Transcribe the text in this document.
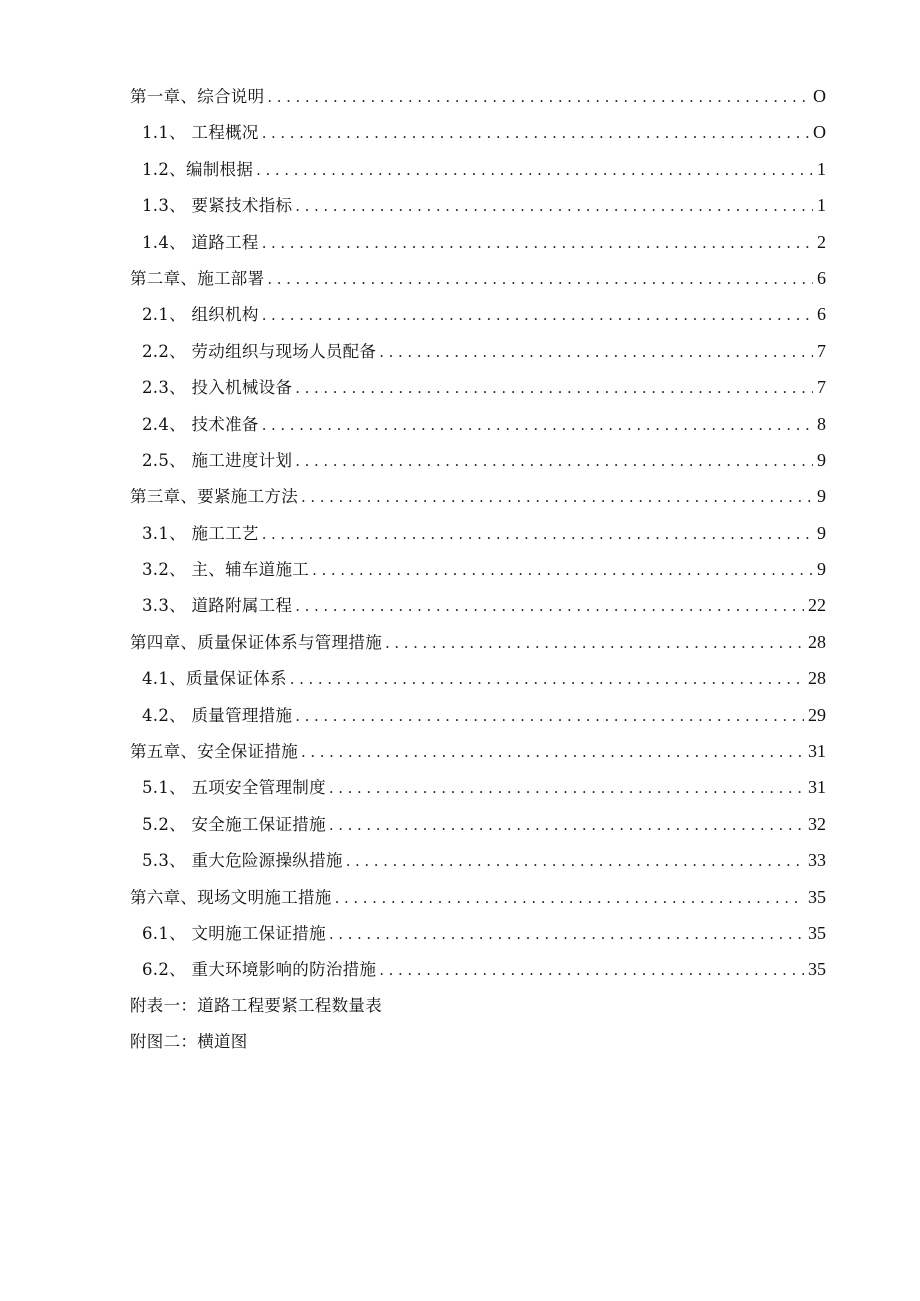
第一章、综合说明 .....	O
1.1、 工程概况 .....	O
1.2、编制根据 .....	1
1.3、 要紧技术指标 .....	1
1.4、 道路工程 .....	2
第二章、施工部署 .....	6
2.1、 组织机构 .....	6
2.2、 劳动组织与现场人员配备 .....	7
2.3、 投入机械设备 .....	7
2.4、 技术准备 .....	8
2.5、 施工进度计划 .....	9
第三章、要紧施工方法 .....	9
3.1、 施工工艺 .....	9
3.2、 主、辅车道施工 .....	9
3.3、 道路附属工程 .....	22
第四章、质量保证体系与管理措施 .....	28
4.1、质量保证体系 .....	28
4.2、 质量管理措施 .....	29
第五章、安全保证措施 .....	31
5.1、 五项安全管理制度 .....	31
5.2、 安全施工保证措施 .....	32
5.3、 重大危险源操纵措施 .....	33
第六章、现场文明施工措施 .....	35
6.1、 文明施工保证措施 .....	35
6.2、 重大环境影响的防治措施 .....	35
附表一：道路工程要紧工程数量表
附图二：横道图
